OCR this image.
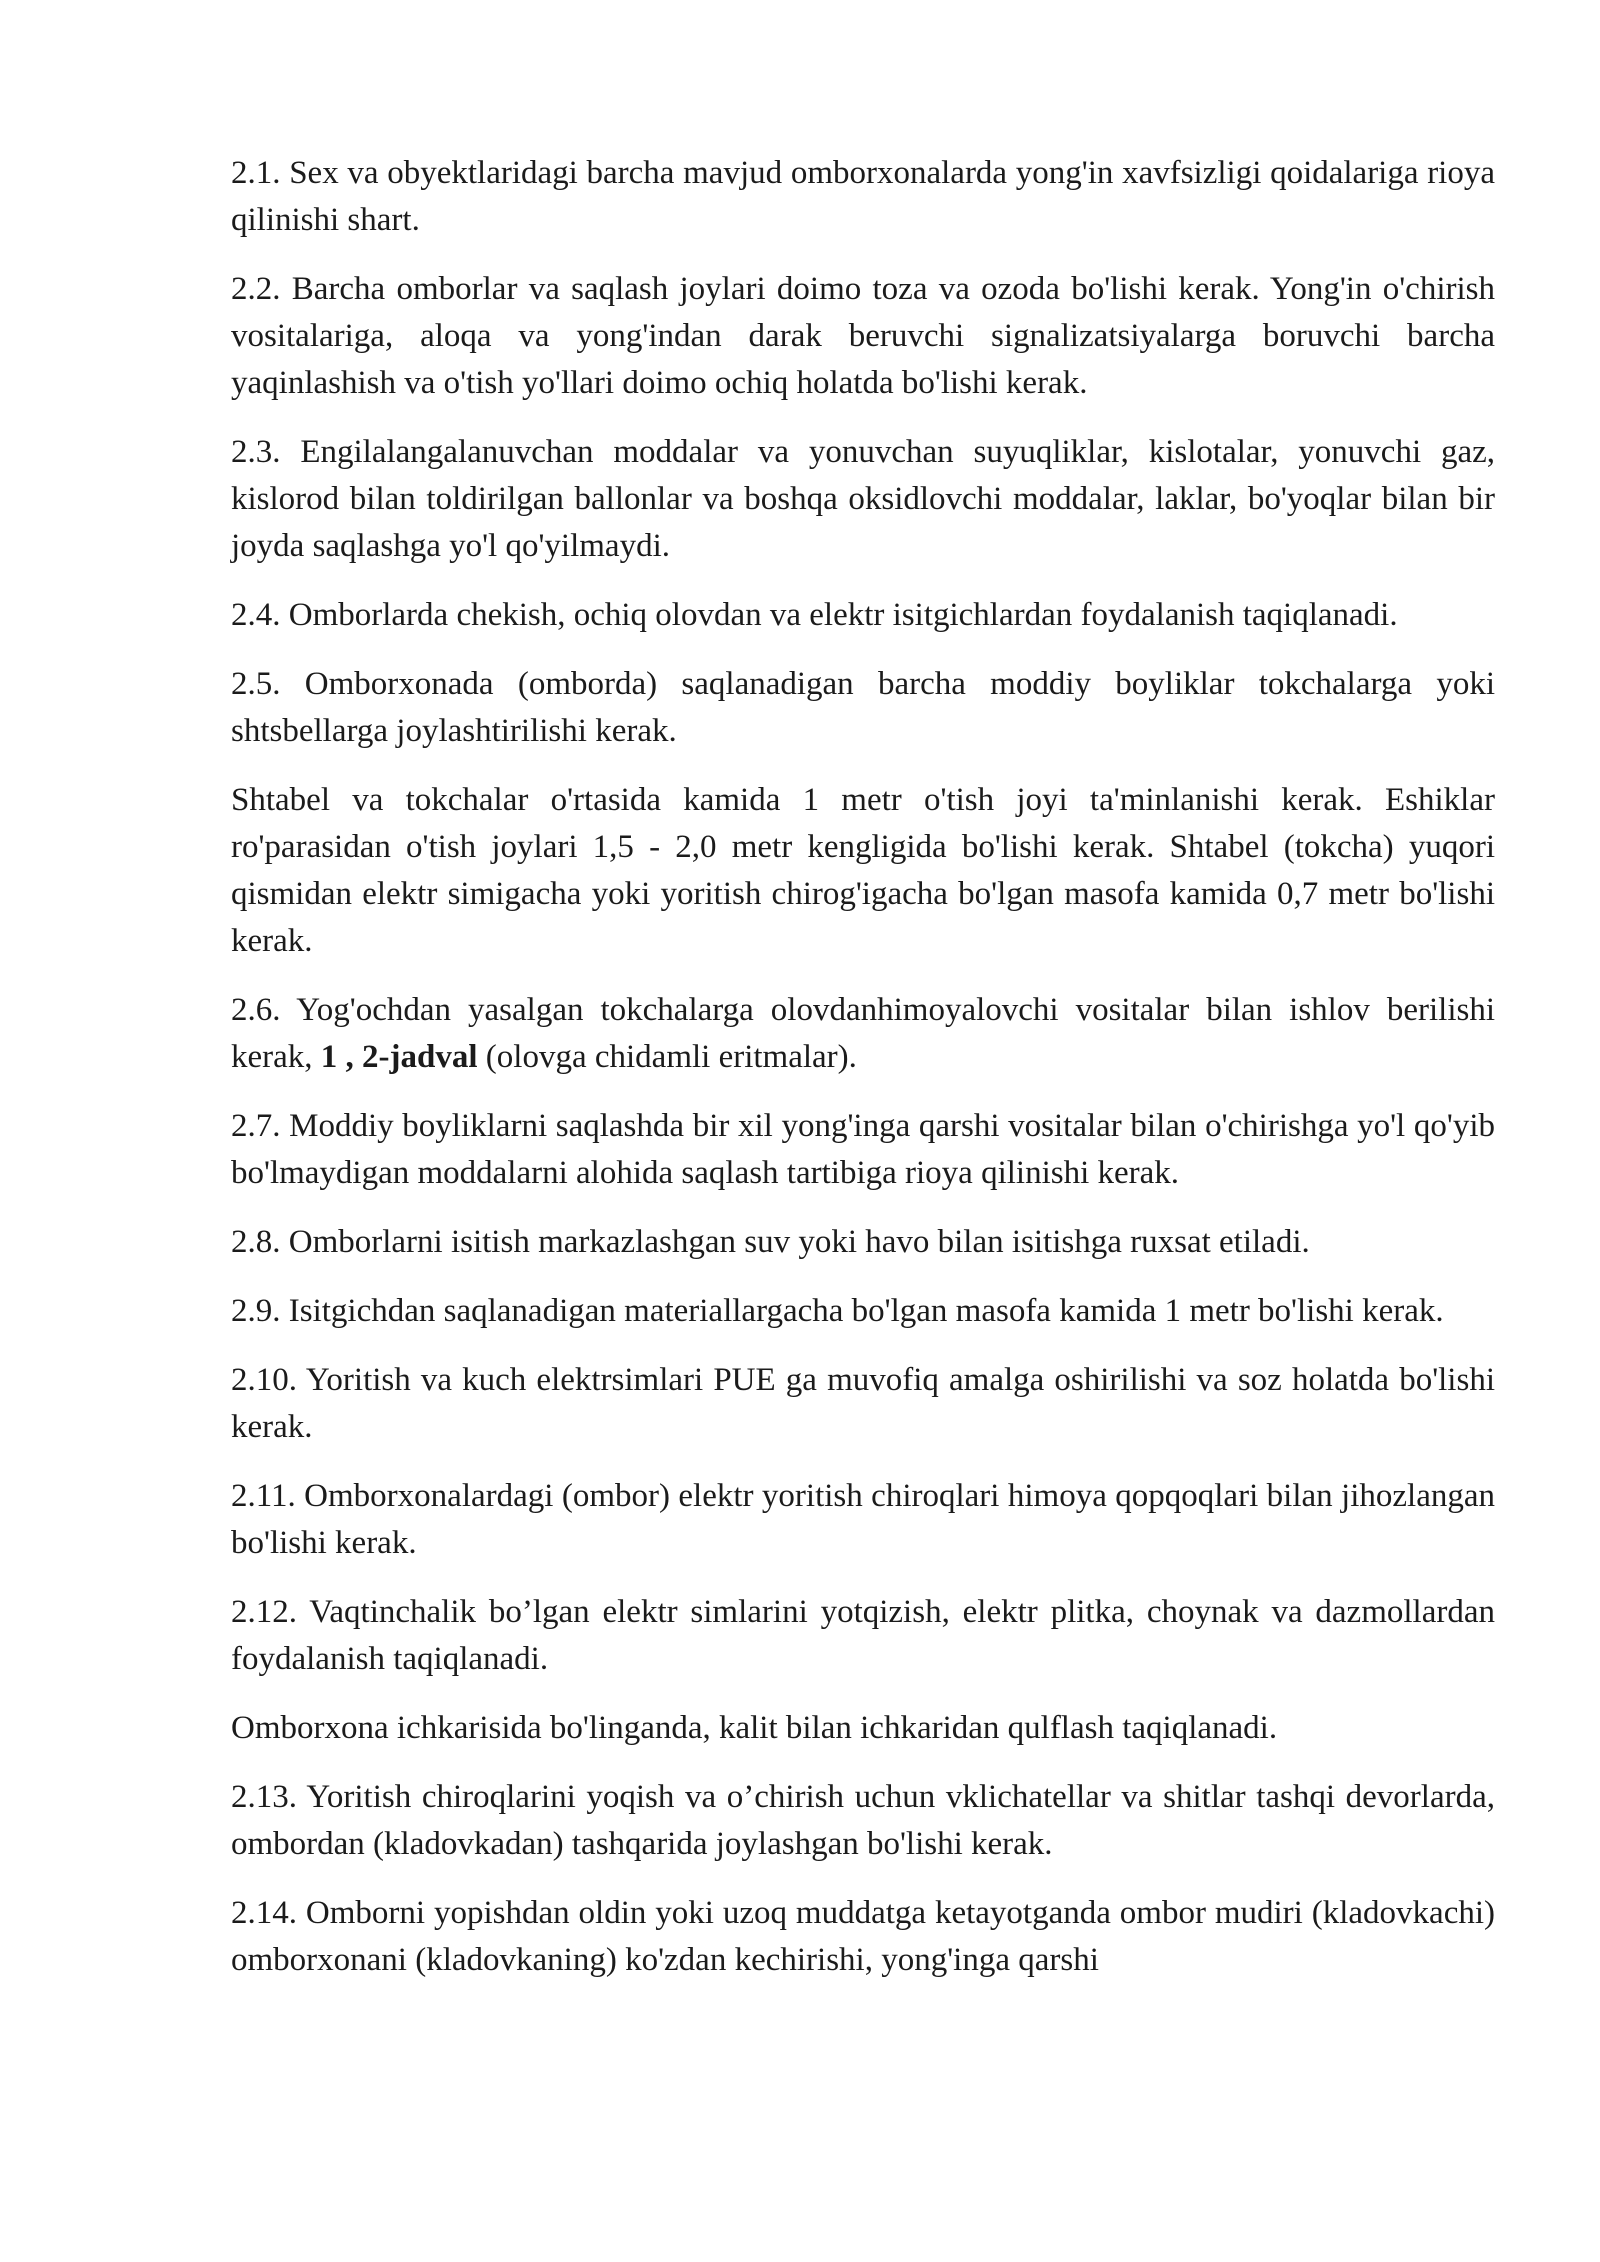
2.1. Sex va obyektlaridagi barcha mavjud omborxonalarda yong'in xavfsizligi qoidalariga rioya qilinishi shart.

2.2. Barcha omborlar va saqlash joylari doimo toza va ozoda bo'lishi kerak. Yong'in o'chirish vositalariga, aloqa va yong'indan darak beruvchi signalizatsiyalarga boruvchi barcha yaqinlashish va o'tish yo'llari doimo ochiq holatda bo'lishi kerak.

2.3. Engilalangalanuvchan moddalar va yonuvchan suyuqliklar, kislotalar, yonuvchi gaz, kislorod bilan toldirilgan ballonlar va boshqa oksidlovchi moddalar, laklar, bo'yoqlar bilan bir joyda saqlashga yo'l qo'yilmaydi.

2.4. Omborlarda chekish, ochiq olovdan va elektr isitgichlardan foydalanish taqiqlanadi.

2.5. Omborxonada (omborda) saqlanadigan barcha moddiy boyliklar tokchalarga yoki shtsbellarga joylashtirilishi kerak.

Shtabel va tokchalar o'rtasida kamida 1 metr o'tish joyi ta'minlanishi kerak. Eshiklar ro'parasidan o'tish joylari 1,5 - 2,0 metr kengligida bo'lishi kerak. Shtabel (tokcha) yuqori qismidan elektr simigacha yoki yoritish chirog'igacha bo'lgan masofa kamida 0,7 metr bo'lishi kerak.

2.6. Yog'ochdan yasalgan tokchalarga olovdanhimoyalovchi vositalar bilan ishlov berilishi kerak, 1 , 2-jadval (olovga chidamli eritmalar).

2.7. Moddiy boyliklarni saqlashda bir xil yong'inga qarshi vositalar bilan o'chirishga yo'l qo'yib bo'lmaydigan moddalarni alohida saqlash tartibiga rioya qilinishi kerak.

2.8. Omborlarni isitish markazlashgan suv yoki havo bilan isitishga ruxsat etiladi.

2.9. Isitgichdan saqlanadigan materiallargacha bo'lgan masofa kamida 1 metr bo'lishi kerak.

2.10. Yoritish va kuch elektrsimlari PUE ga muvofiq amalga oshirilishi va soz holatda bo'lishi kerak.

2.11. Omborxonalardagi (ombor) elektr yoritish chiroqlari himoya qopqoqlari bilan jihozlangan bo'lishi kerak.

2.12. Vaqtinchalik bo’lgan elektr simlarini yotqizish, elektr plitka, choynak va dazmollardan foydalanish taqiqlanadi.

Omborxona ichkarisida bo'linganda, kalit bilan ichkaridan qulflash taqiqlanadi.

2.13. Yoritish chiroqlarini yoqish va o’chirish uchun vklichatellar va shitlar tashqi devorlarda, ombordan (kladovkadan) tashqarida joylashgan bo'lishi kerak.

2.14. Omborni yopishdan oldin yoki uzoq muddatga ketayotganda ombor mudiri (kladovkachi) omborxonani (kladovkaning) ko'zdan kechirishi, yong'inga qarshi
